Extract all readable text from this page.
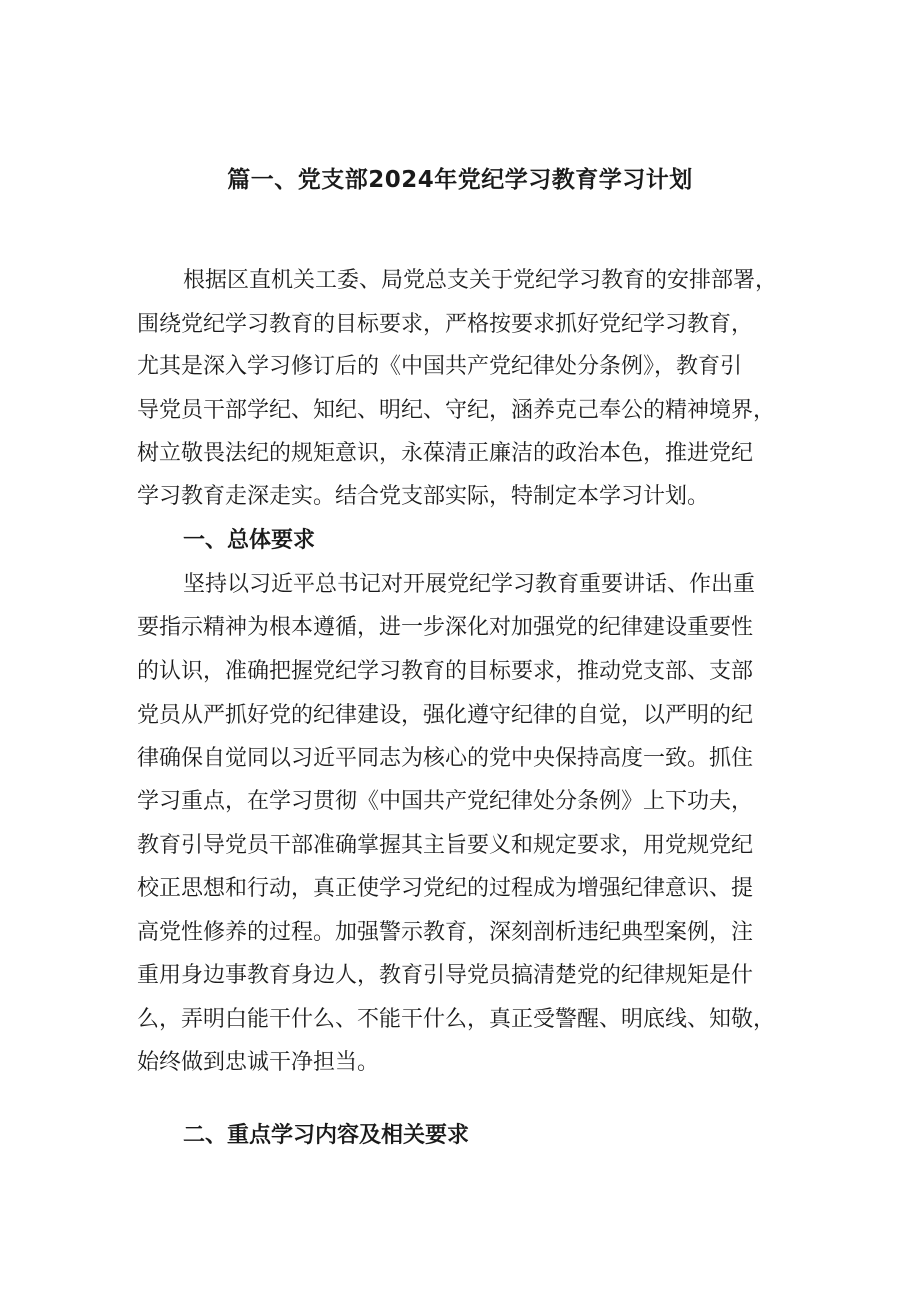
篇一、党支部2024年党纪学习教育学习计划

根据区直机关工委、局党总支关于党纪学习教育的安排部署，

围绕党纪学习教育的目标要求，严格按要求抓好党纪学习教育，

尤其是深入学习修订后的《中国共产党纪律处分条例》，教育引

导党员干部学纪、知纪、明纪、守纪，涵养克己奉公的精神境界，

树立敬畏法纪的规矩意识，永葆清正廉洁的政治本色，推进党纪

学习教育走深走实。结合党支部实际，特制定本学习计划。

一、总体要求

坚持以习近平总书记对开展党纪学习教育重要讲话、作出重

要指示精神为根本遵循，进一步深化对加强党的纪律建设重要性

的认识，准确把握党纪学习教育的目标要求，推动党支部、支部

党员从严抓好党的纪律建设，强化遵守纪律的自觉，以严明的纪

律确保自觉同以习近平同志为核心的党中央保持高度一致。抓住

学习重点，在学习贯彻《中国共产党纪律处分条例》上下功夫，

教育引导党员干部准确掌握其主旨要义和规定要求，用党规党纪

校正思想和行动，真正使学习党纪的过程成为增强纪律意识、提

高党性修养的过程。加强警示教育，深刻剖析违纪典型案例，注

重用身边事教育身边人，教育引导党员搞清楚党的纪律规矩是什

么，弄明白能干什么、不能干什么，真正受警醒、明底线、知敬，

始终做到忠诚干净担当。

二、重点学习内容及相关要求
